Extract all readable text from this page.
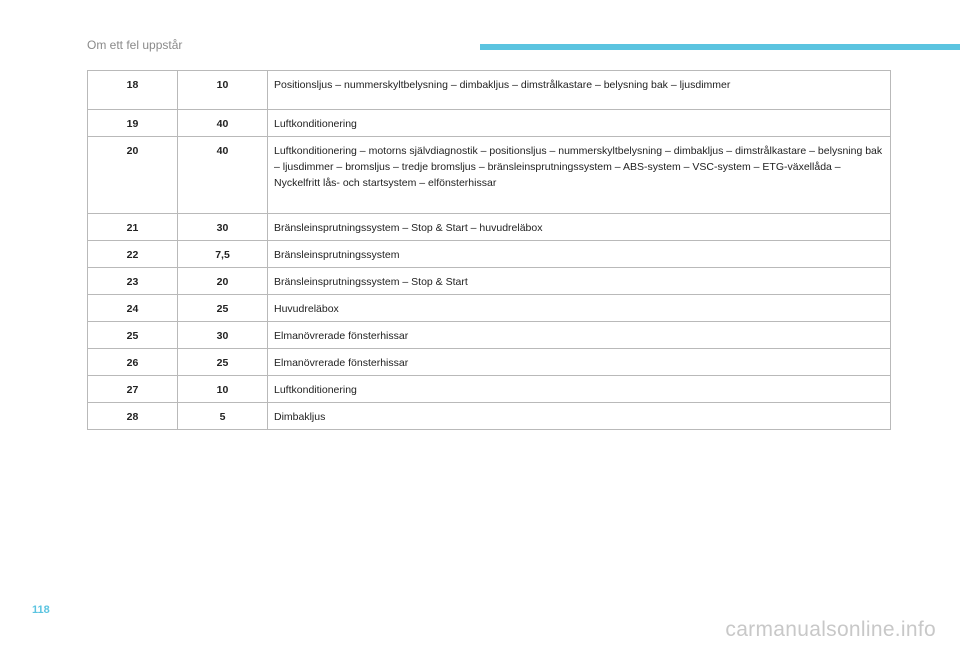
Om ett fel uppstår
18	10	Positionsljus – nummerskyltbelysning – dimbakljus – dimstrålkastare – belysning bak – ljusdimmer
19	40	Luftkonditionering
20	40	Luftkonditionering – motorns självdiagnostik – positionsljus – nummerskyltbelysning – dimbakljus – dimstrålkastare – belysning bak – ljusdimmer – bromsljus – tredje bromsljus – bränsleinsprutningssystem – ABS-system – VSC-system – ETG-växellåda – Nyckelfritt lås- och startsystem – elfönsterhissar
21	30	Bränsleinsprutningssystem – Stop & Start – huvudreläbox
22	7,5	Bränsleinsprutningssystem
23	20	Bränsleinsprutningssystem – Stop & Start
24	25	Huvudreläbox
25	30	Elmanövrerade fönsterhissar
26	25	Elmanövrerade fönsterhissar
27	10	Luftkonditionering
28	5	Dimbakljus
118
carmanualsonline.info
